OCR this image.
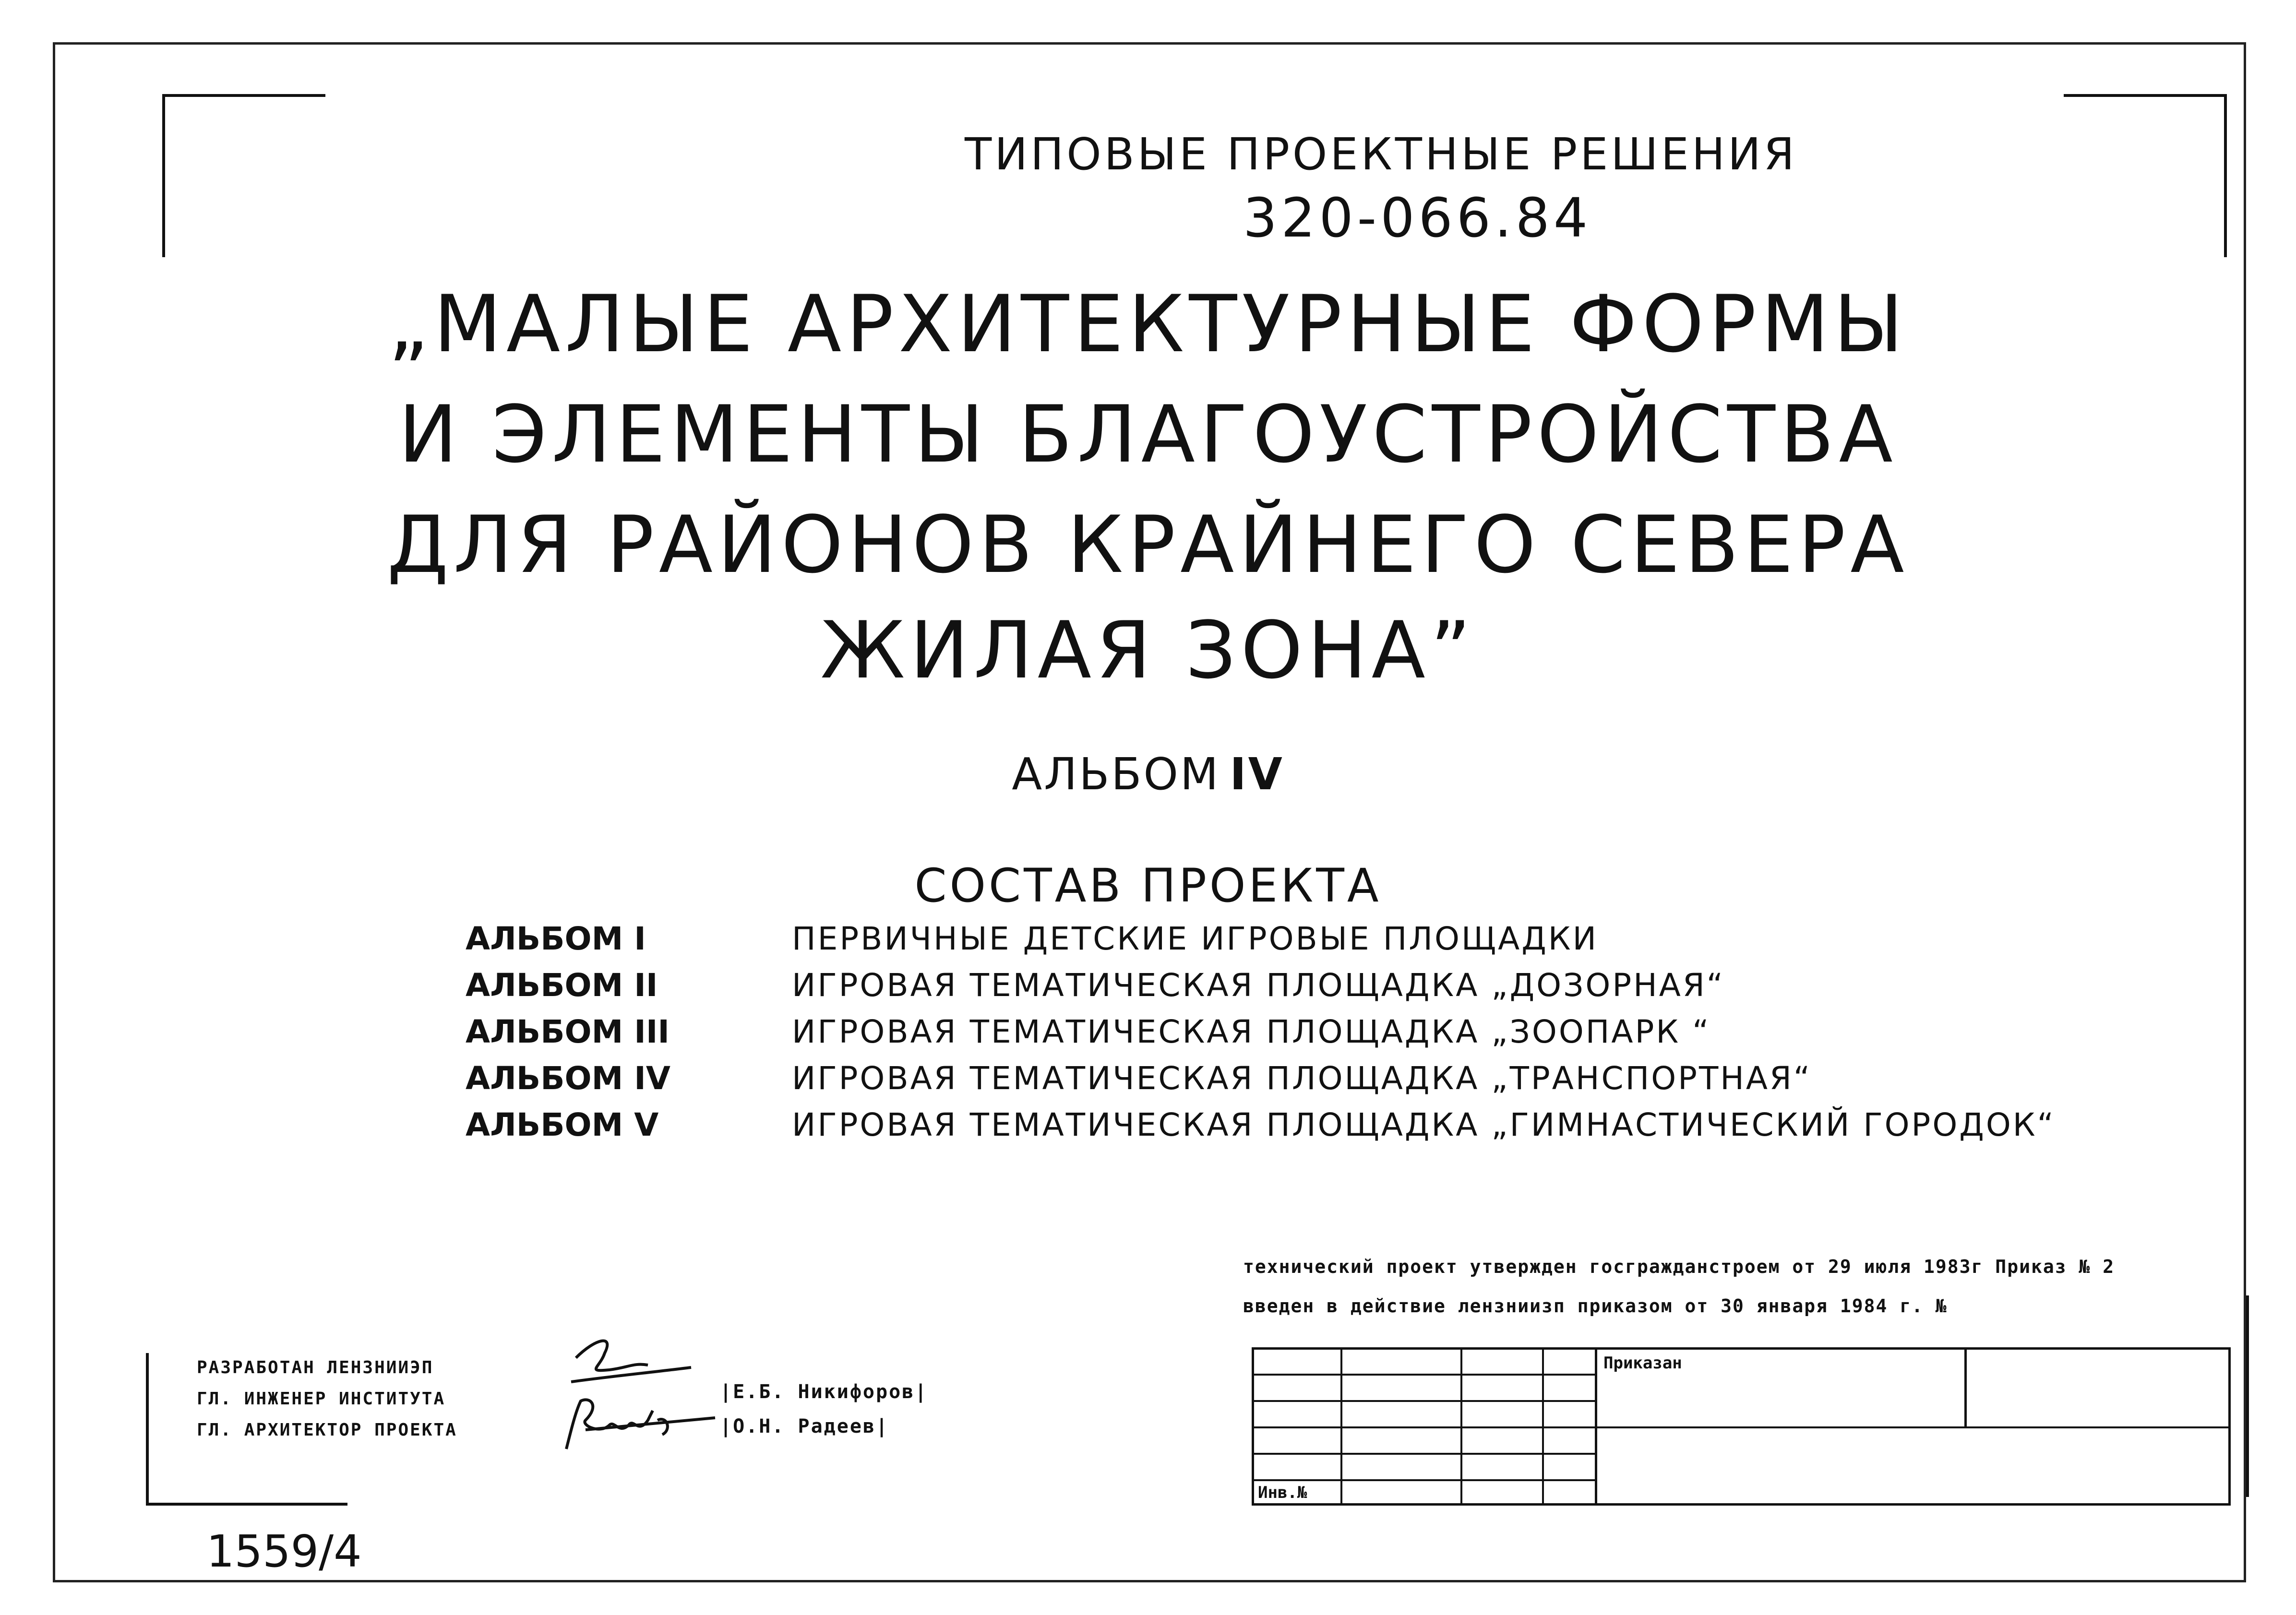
ТИПОВЫЕ ПРОЕКТНЫЕ РЕШЕНИЯ
320-066.84
„МАЛЫЕ АРХИТЕКТУРНЫЕ ФОРМЫ
И ЭЛЕМЕНТЫ БЛАГОУСТРОЙСТВА
ДЛЯ РАЙОНОВ КРАЙНЕГО СЕВЕРА
ЖИЛАЯ ЗОНА”
АЛЬБОМ IV
СОСТАВ ПРОЕКТА
АЛЬБОМ I	ПЕРВИЧНЫЕ ДЕТСКИЕ ИГРОВЫЕ ПЛОЩАДКИ
АЛЬБОМ II	ИГРОВАЯ ТЕМАТИЧЕСКАЯ ПЛОЩАДКА „ДОЗОРНАЯ“
АЛЬБОМ III	ИГРОВАЯ ТЕМАТИЧЕСКАЯ ПЛОЩАДКА „ЗООПАРК “
АЛЬБОМ IV	ИГРОВАЯ ТЕМАТИЧЕСКАЯ ПЛОЩАДКА „ТРАНСПОРТНАЯ“
АЛЬБОМ V	ИГРОВАЯ ТЕМАТИЧЕСКАЯ ПЛОЩАДКА „ГИМНАСТИЧЕСКИЙ ГОРОДОК“
технический проект утвержден госгражданстроем от 29 июля 1983г Приказ № 2
введен в действие лензниизп приказом от 30 января 1984 г. №
РАЗРАБОТАН ЛЕНЗНИИЭП
ГЛ. ИНЖЕНЕР ИНСТИТУТА
ГЛ. АРХИТЕКТОР ПРОЕКТА
|Е.Б. Никифоров|
|О.Н. Радеев|
Приказан
Инв.№
1559/4
